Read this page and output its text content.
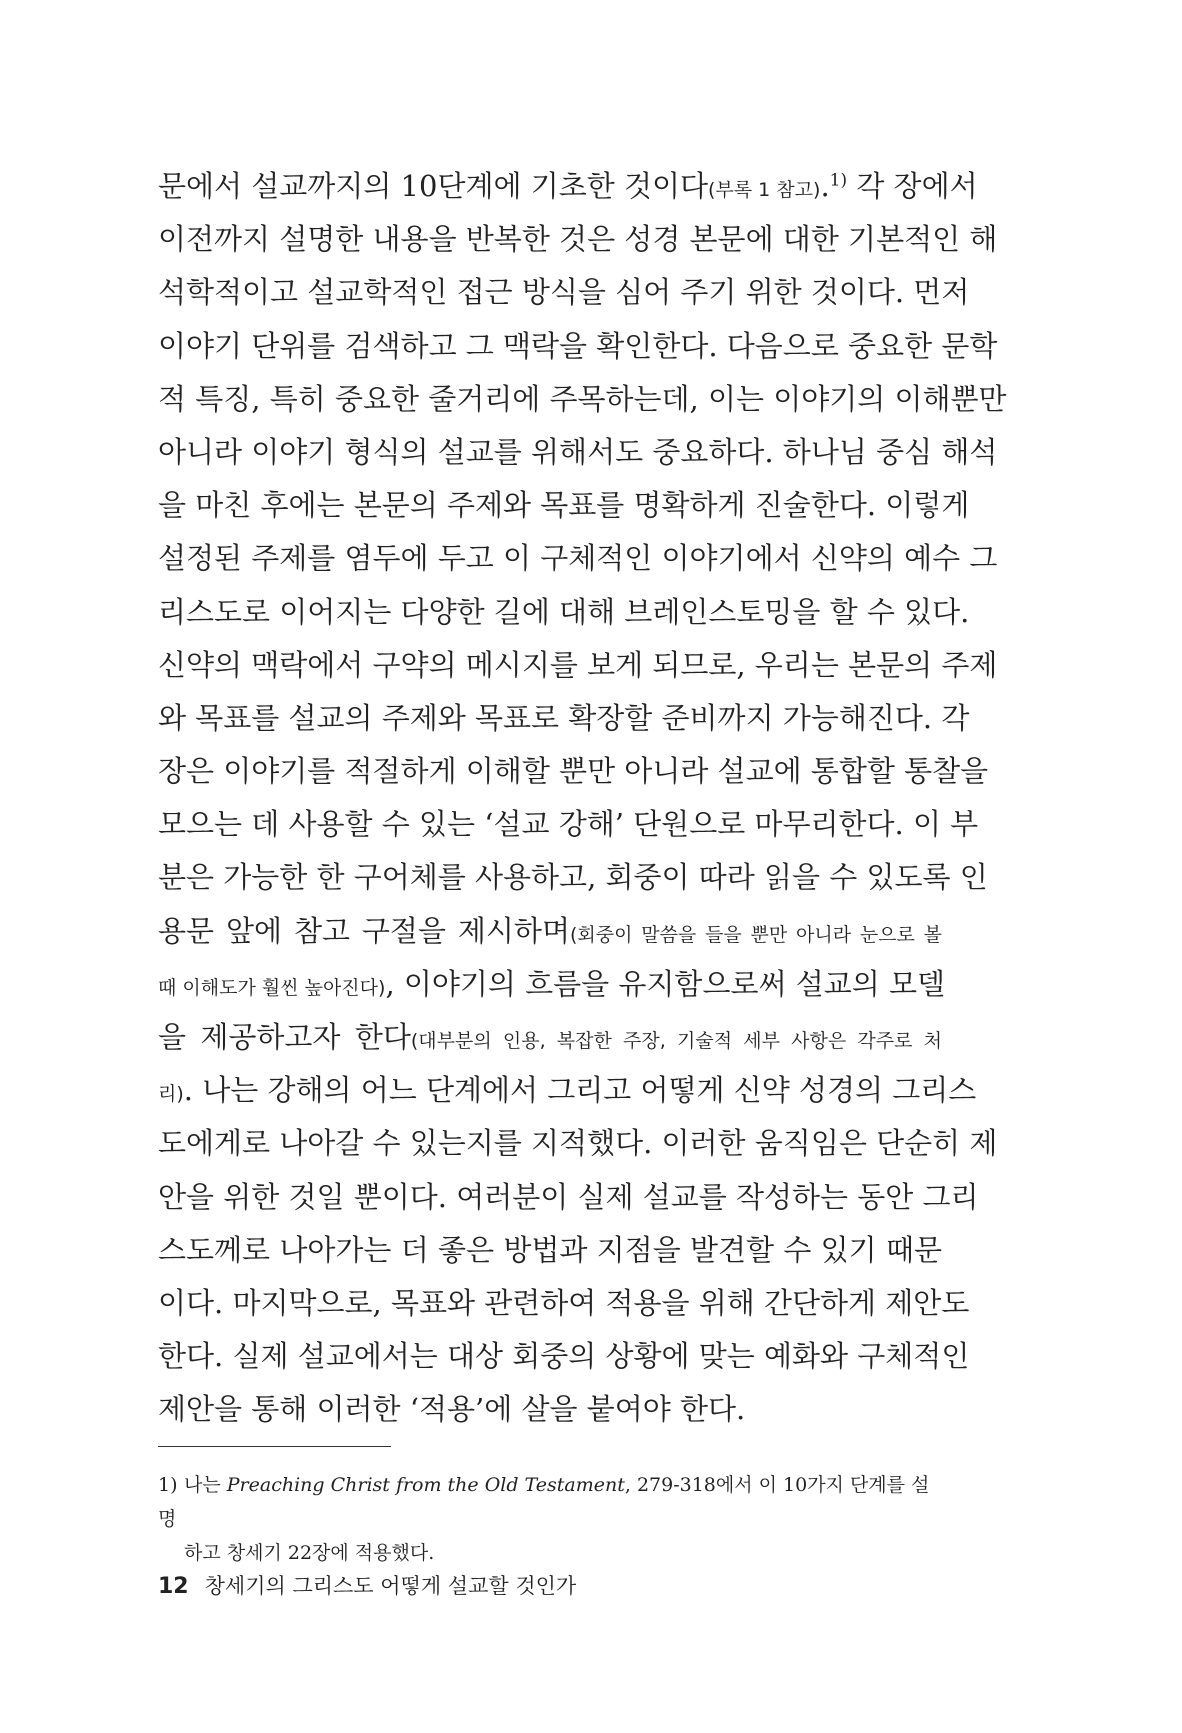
문에서 설교까지의 10단계에 기초한 것이다(부록 1 참고).$^{1)}$ 각 장에서
이전까지 설명한 내용을 반복한 것은 성경 본문에 대한 기본적인 해
석학적이고 설교학적인 접근 방식을 심어 주기 위한 것이다. 먼저
이야기 단위를 검색하고 그 맥락을 확인한다. 다음으로 중요한 문학
적 특징, 특히 중요한 줄거리에 주목하는데, 이는 이야기의 이해뿐만
아니라 이야기 형식의 설교를 위해서도 중요하다. 하나님 중심 해석
을 마친 후에는 본문의 주제와 목표를 명확하게 진술한다. 이렇게
설정된 주제를 염두에 두고 이 구체적인 이야기에서 신약의 예수 그
리스도로 이어지는 다양한 길에 대해 브레인스토밍을 할 수 있다.
신약의 맥락에서 구약의 메시지를 보게 되므로, 우리는 본문의 주제
와 목표를 설교의 주제와 목표로 확장할 준비까지 가능해진다. 각
장은 이야기를 적절하게 이해할 뿐만 아니라 설교에 통합할 통찰을
모으는 데 사용할 수 있는 ‘설교 강해’ 단원으로 마무리한다. 이 부
분은 가능한 한 구어체를 사용하고, 회중이 따라 읽을 수 있도록 인
용문 앞에 참고 구절을 제시하며(회중이 말씀을 들을 뿐만 아니라 눈으로 볼
때 이해도가 훨씬 높아진다), 이야기의 흐름을 유지함으로써 설교의 모델
을 제공하고자 한다(대부분의 인용, 복잡한 주장, 기술적 세부 사항은 각주로 처
리). 나는 강해의 어느 단계에서 그리고 어떻게 신약 성경의 그리스
도에게로 나아갈 수 있는지를 지적했다. 이러한 움직임은 단순히 제
안을 위한 것일 뿐이다. 여러분이 실제 설교를 작성하는 동안 그리
스도께로 나아가는 더 좋은 방법과 지점을 발견할 수 있기 때문
이다. 마지막으로, 목표와 관련하여 적용을 위해 간단하게 제안도
한다. 실제 설교에서는 대상 회중의 상황에 맞는 예화와 구체적인
제안을 통해 이러한 ‘적용’에 살을 붙여야 한다.
1) 나는 Preaching Christ from the Old Testament, 279-318에서 이 10가지 단계를 설명
하고 창세기 22장에 적용했다.
12 창세기의 그리스도 어떻게 설교할 것인가
